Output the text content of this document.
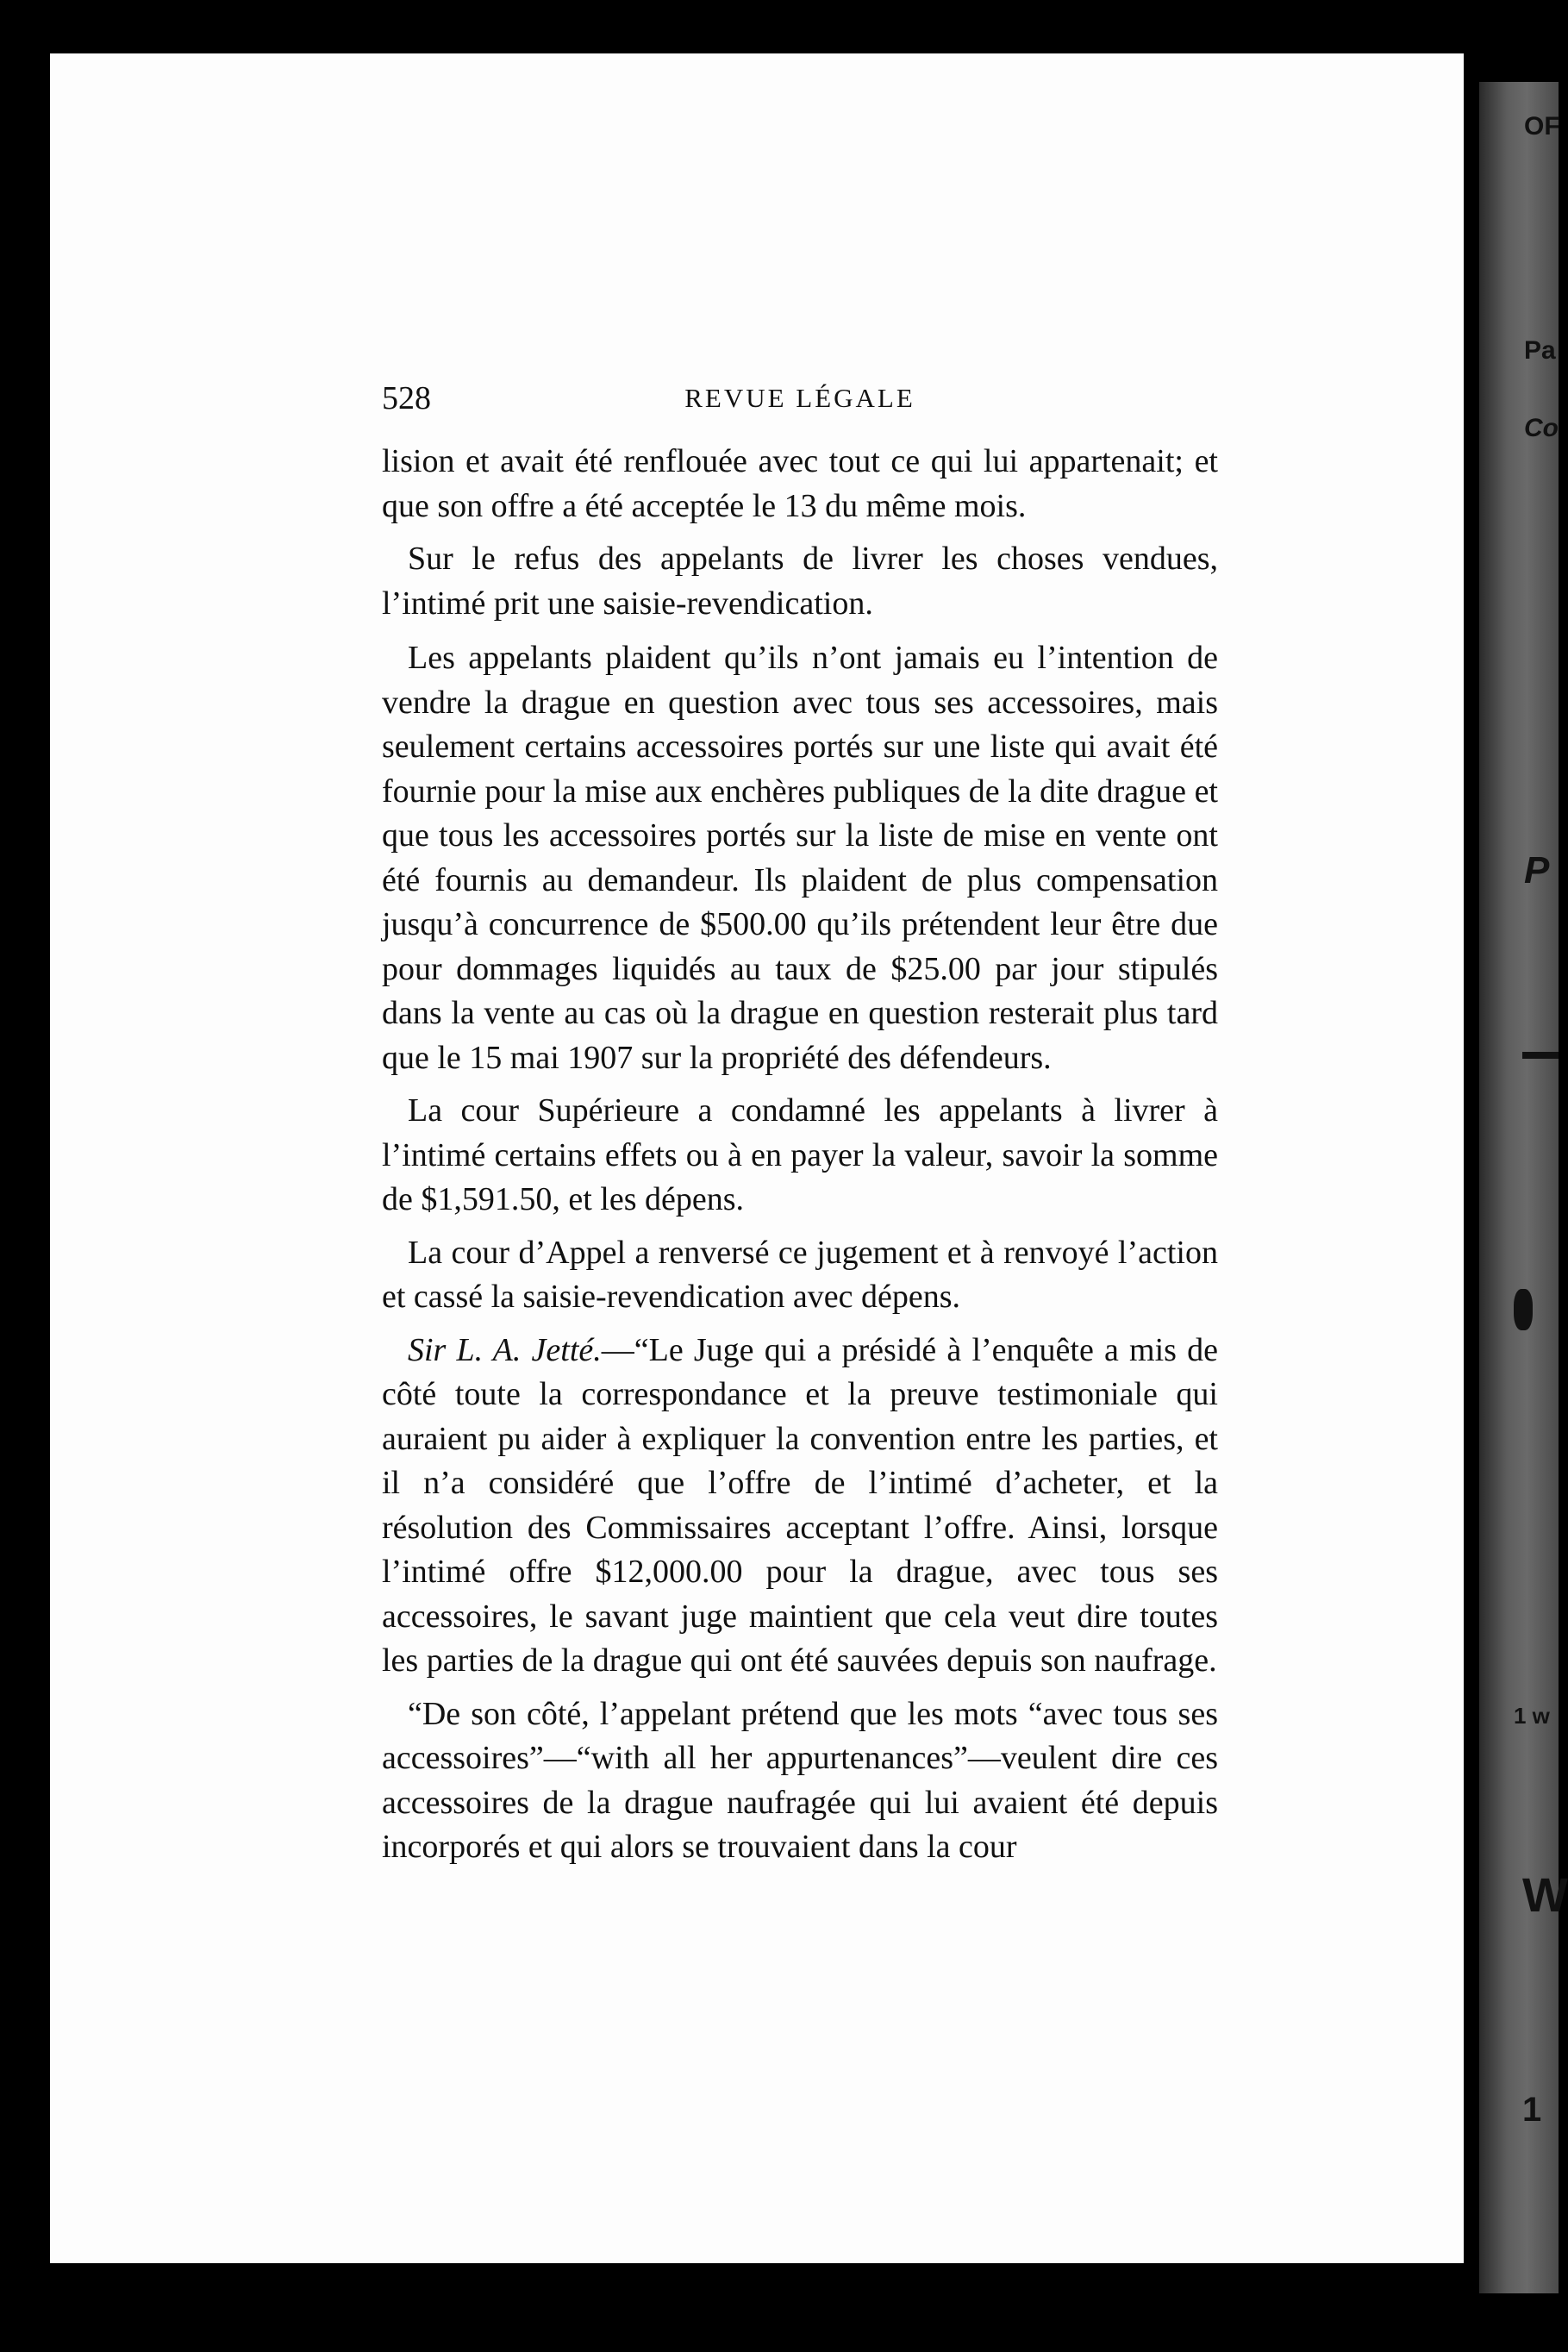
OF
Pa
Co
P
1 w
W
1
528	REVUE LÉGALE

lision et avait été renflouée avec tout ce qui lui appartenait; et que son offre a été acceptée le 13 du même mois.

Sur le refus des appelants de livrer les choses vendues, l’intimé prit une saisie-revendication.

Les appelants plaident qu’ils n’ont jamais eu l’intention de vendre la drague en question avec tous ses accessoires, mais seulement certains accessoires portés sur une liste qui avait été fournie pour la mise aux enchères publiques de la dite drague et que tous les accessoires portés sur la liste de mise en vente ont été fournis au demandeur. Ils plaident de plus compensation jusqu’à concurrence de $500.00 qu’ils prétendent leur être due pour dommages liquidés au taux de $25.00 par jour stipulés dans la vente au cas où la drague en question resterait plus tard que le 15 mai 1907 sur la propriété des défendeurs.

La cour Supérieure a condamné les appelants à livrer à l’intimé certains effets ou à en payer la valeur, savoir la somme de $1,591.50, et les dépens.

La cour d’Appel a renversé ce jugement et à renvoyé l’action et cassé la saisie-revendication avec dépens.

Sir L. A. Jetté.—“Le Juge qui a présidé à l’enquête a mis de côté toute la correspondance et la preuve testimoniale qui auraient pu aider à expliquer la convention entre les parties, et il n’a considéré que l’offre de l’intimé d’acheter, et la résolution des Commissaires acceptant l’offre. Ainsi, lorsque l’intimé offre $12,000.00 pour la drague, avec tous ses accessoires, le savant juge maintient que cela veut dire toutes les parties de la drague qui ont été sauvées depuis son naufrage.

“De son côté, l’appelant prétend que les mots “avec tous ses accessoires”—“with all her appurtenances”—veulent dire ces accessoires de la drague naufragée qui lui avaient été depuis incorporés et qui alors se trouvaient dans la cour
